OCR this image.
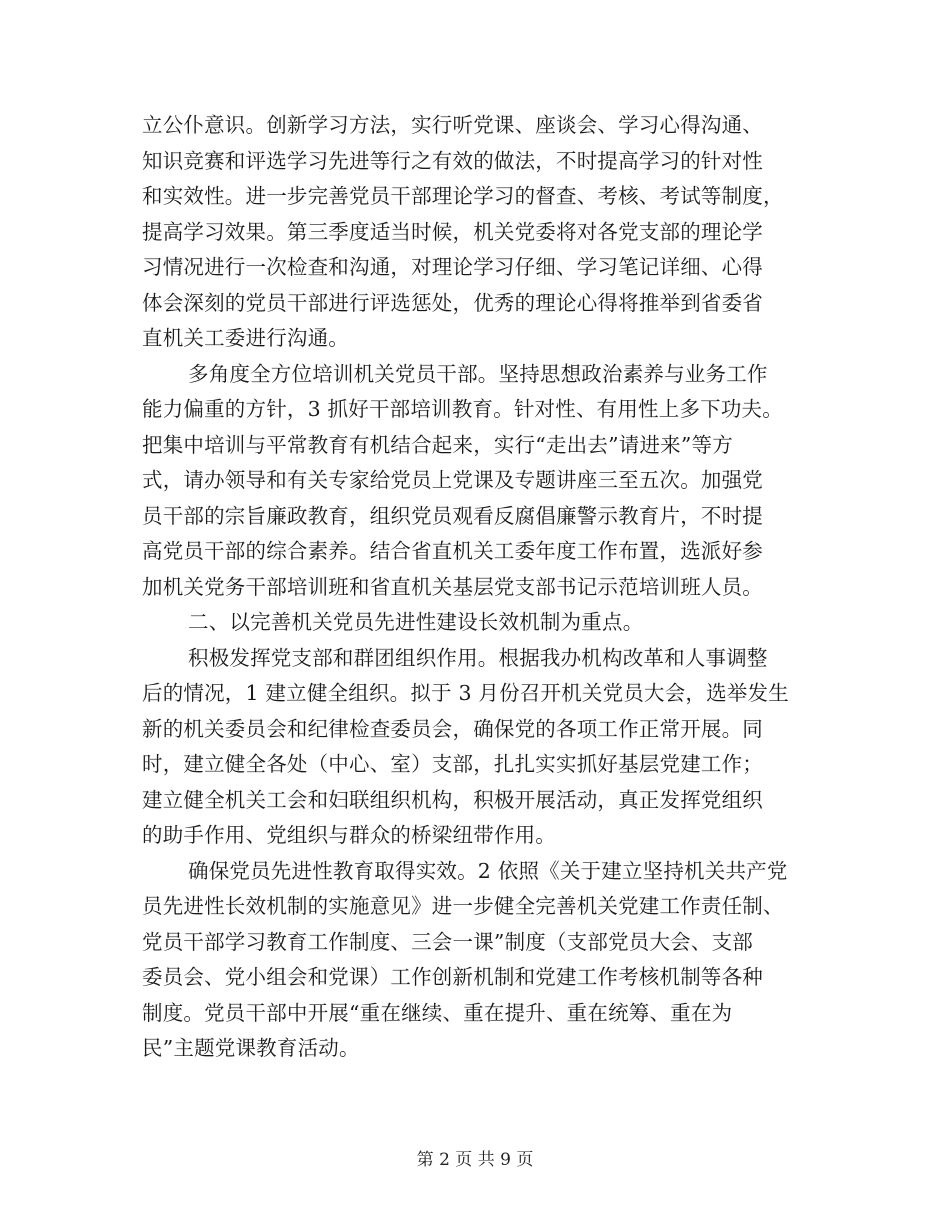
立公仆意识。创新学习方法，实行听党课、座谈会、学习心得沟通、
知识竞赛和评选学习先进等行之有效的做法，不时提高学习的针对性
和实效性。进一步完善党员干部理论学习的督查、考核、考试等制度，
提高学习效果。第三季度适当时候，机关党委将对各党支部的理论学
习情况进行一次检查和沟通，对理论学习仔细、学习笔记详细、心得
体会深刻的党员干部进行评选惩处，优秀的理论心得将推举到省委省
直机关工委进行沟通。
多角度全方位培训机关党员干部。坚持思想政治素养与业务工作
能力偏重的方针，3 抓好干部培训教育。针对性、有用性上多下功夫。
把集中培训与平常教育有机结合起来，实行“走出去”请进来”等方
式，请办领导和有关专家给党员上党课及专题讲座三至五次。加强党
员干部的宗旨廉政教育，组织党员观看反腐倡廉警示教育片，不时提
高党员干部的综合素养。结合省直机关工委年度工作布置，选派好参
加机关党务干部培训班和省直机关基层党支部书记示范培训班人员。
二、以完善机关党员先进性建设长效机制为重点。
积极发挥党支部和群团组织作用。根据我办机构改革和人事调整
后的情况，1 建立健全组织。拟于 3 月份召开机关党员大会，选举发生
新的机关委员会和纪律检查委员会，确保党的各项工作正常开展。同
时，建立健全各处（中心、室）支部，扎扎实实抓好基层党建工作；
建立健全机关工会和妇联组织机构，积极开展活动，真正发挥党组织
的助手作用、党组织与群众的桥梁纽带作用。
确保党员先进性教育取得实效。2 依照《关于建立坚持机关共产党
员先进性长效机制的实施意见》进一步健全完善机关党建工作责任制、
党员干部学习教育工作制度、三会一课”制度（支部党员大会、支部
委员会、党小组会和党课）工作创新机制和党建工作考核机制等各种
制度。党员干部中开展“重在继续、重在提升、重在统筹、重在为
民”主题党课教育活动。
第 2 页 共 9 页
